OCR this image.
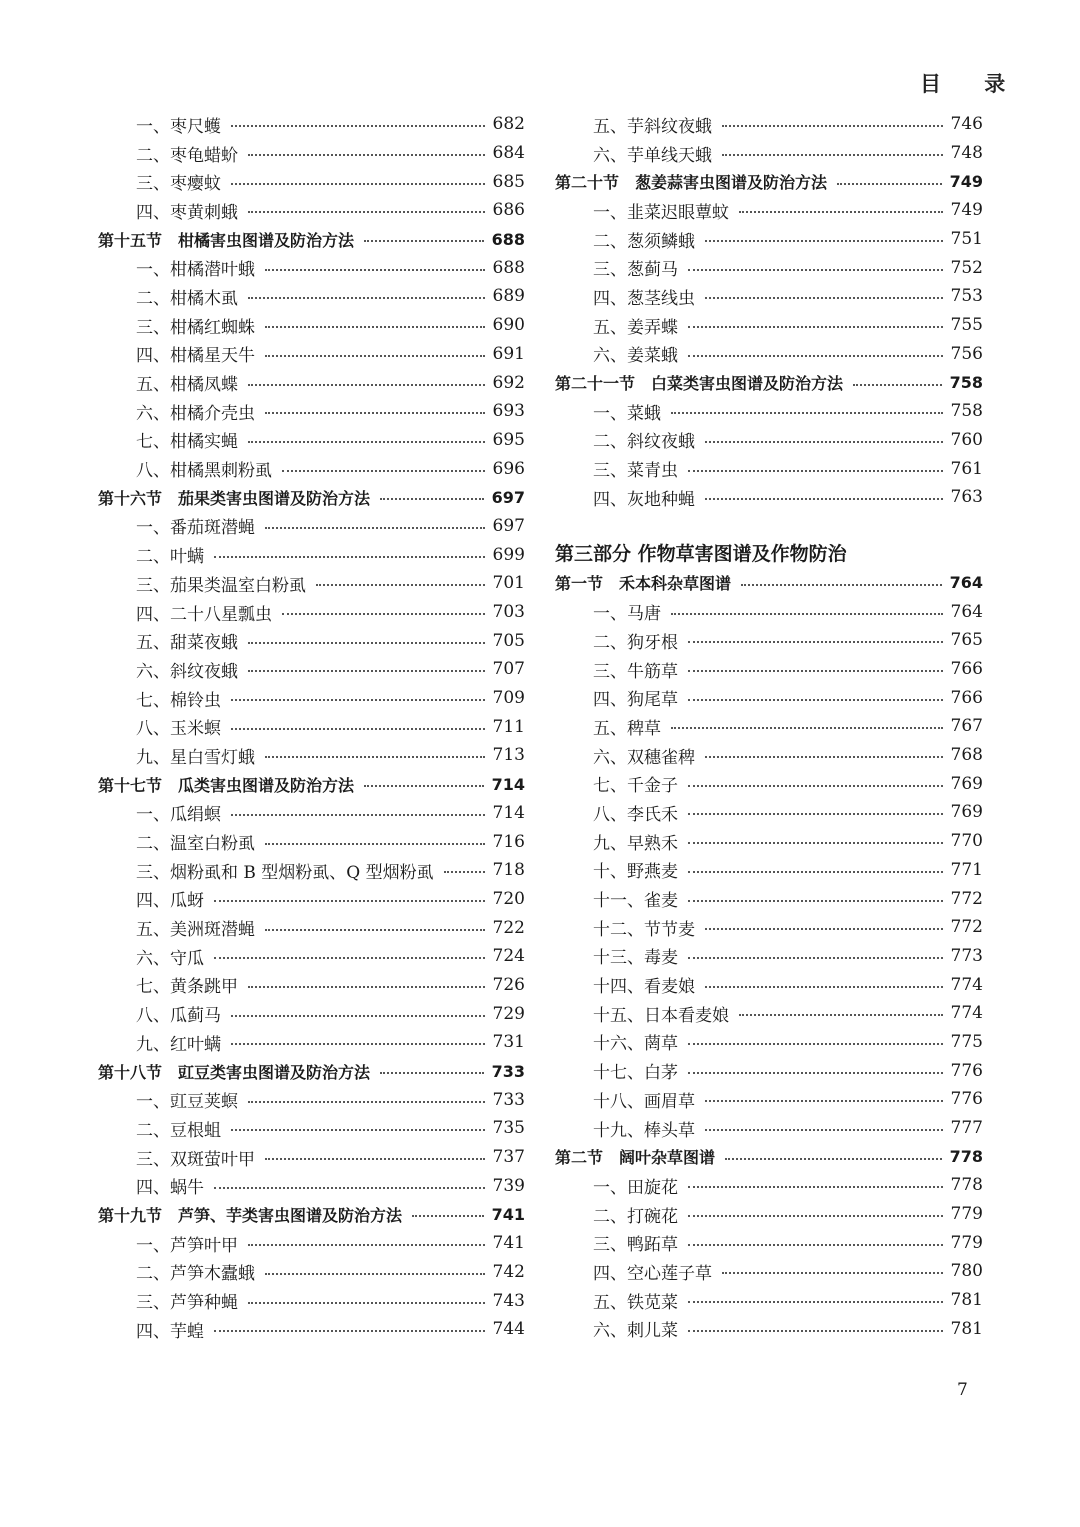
目 录
一、枣尺蠖	682
二、枣龟蜡蚧	684
三、枣瘿蚊	685
四、枣黄刺蛾	686
第十五节　柑橘害虫图谱及防治方法	688
一、柑橘潜叶蛾	688
二、柑橘木虱	689
三、柑橘红蜘蛛	690
四、柑橘星天牛	691
五、柑橘凤蝶	692
六、柑橘介壳虫	693
七、柑橘实蝇	695
八、柑橘黑刺粉虱	696
第十六节　茄果类害虫图谱及防治方法	697
一、番茄斑潜蝇	697
二、叶螨	699
三、茄果类温室白粉虱	701
四、二十八星瓢虫	703
五、甜菜夜蛾	705
六、斜纹夜蛾	707
七、棉铃虫	709
八、玉米螟	711
九、星白雪灯蛾	713
第十七节　瓜类害虫图谱及防治方法	714
一、瓜绢螟	714
二、温室白粉虱	716
三、烟粉虱和 B 型烟粉虱、Q 型烟粉虱	718
四、瓜蚜	720
五、美洲斑潜蝇	722
六、守瓜	724
七、黄条跳甲	726
八、瓜蓟马	729
九、红叶螨	731
第十八节　豇豆类害虫图谱及防治方法	733
一、豇豆荚螟	733
二、豆根蛆	735
三、双斑萤叶甲	737
四、蜗牛	739
第十九节　芦笋、芋类害虫图谱及防治方法	741
一、芦笋叶甲	741
二、芦笋木蠹蛾	742
三、芦笋种蝇	743
四、芋蝗	744
五、芋斜纹夜蛾	746
六、芋单线天蛾	748
第二十节　葱姜蒜害虫图谱及防治方法	749
一、韭菜迟眼蕈蚊	749
二、葱须鳞蛾	751
三、葱蓟马	752
四、葱茎线虫	753
五、姜弄蝶	755
六、姜菜蛾	756
第二十一节　白菜类害虫图谱及防治方法	758
一、菜蛾	758
二、斜纹夜蛾	760
三、菜青虫	761
四、灰地种蝇	763
第三部分 作物草害图谱及作物防治
第一节　禾本科杂草图谱	764
一、马唐	764
二、狗牙根	765
三、牛筋草	766
四、狗尾草	766
五、稗草	767
六、双穗雀稗	768
七、千金子	769
八、李氏禾	769
九、早熟禾	770
十、野燕麦	771
十一、雀麦	772
十二、节节麦	772
十三、毒麦	773
十四、看麦娘	774
十五、日本看麦娘	774
十六、菵草	775
十七、白茅	776
十八、画眉草	776
十九、棒头草	777
第二节　阔叶杂草图谱	778
一、田旋花	778
二、打碗花	779
三、鸭跖草	779
四、空心莲子草	780
五、铁苋菜	781
六、刺儿菜	781
7
